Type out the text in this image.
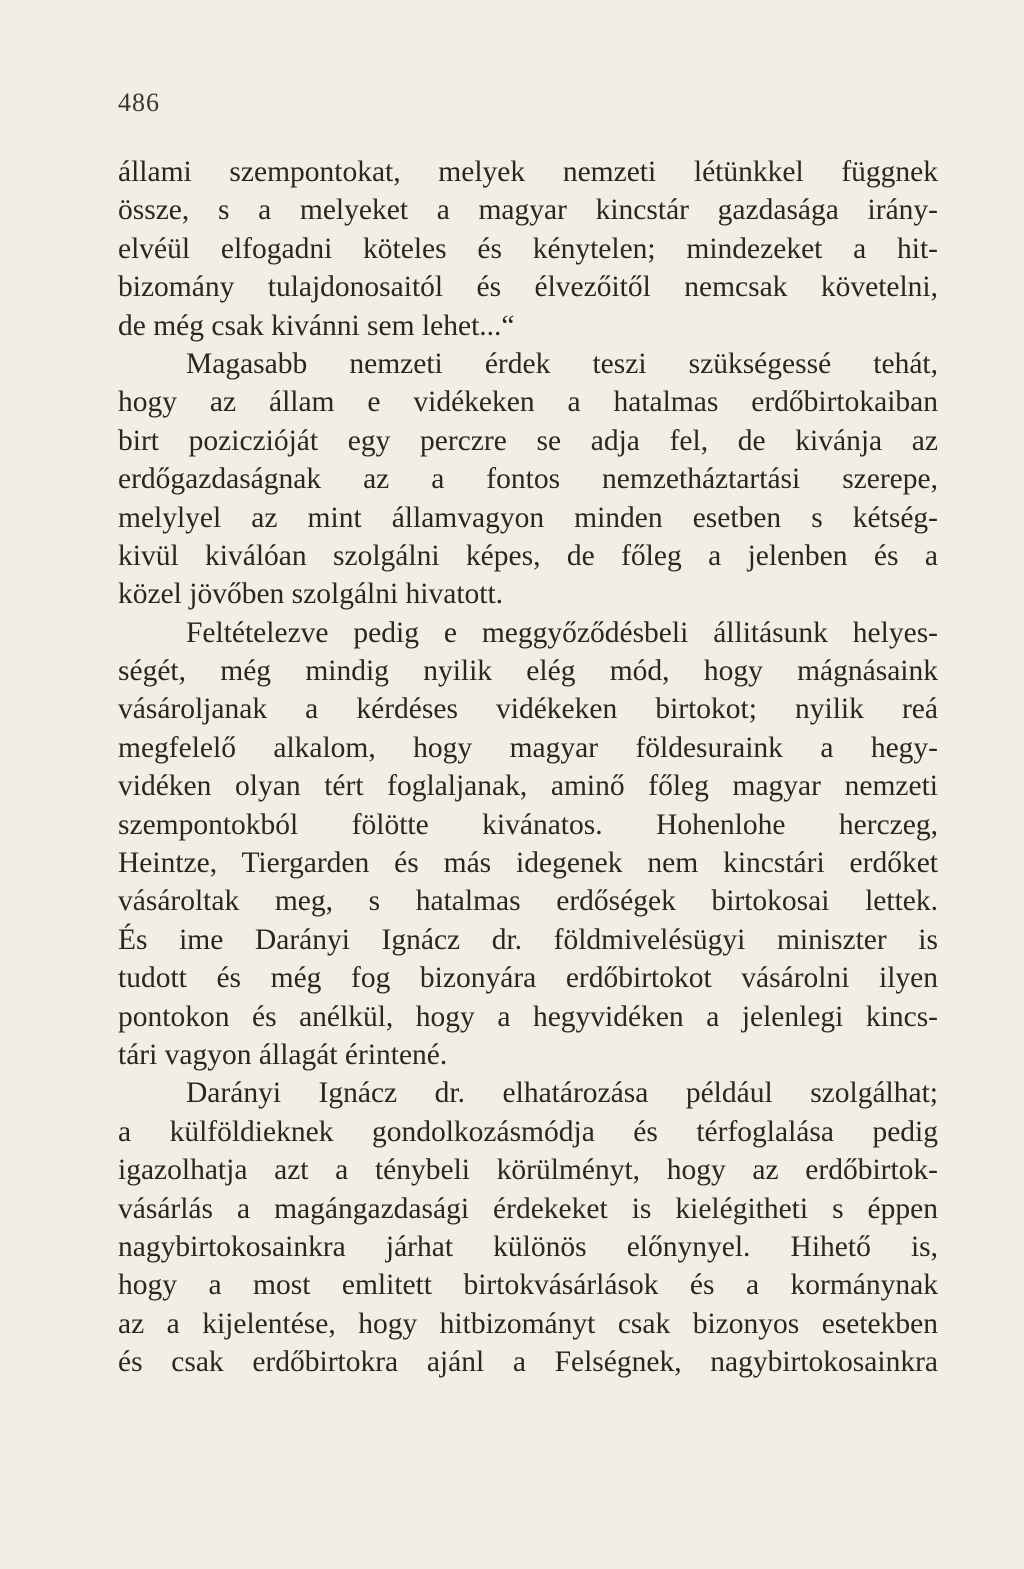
486
állami szempontokat, melyek nemzeti létünkkel függnek
össze, s a melyeket a magyar kincstár gazdasága irány-
elvéül elfogadni köteles és kénytelen; mindezeket a hit-
bizomány tulajdonosaitól és élvezőitől nemcsak követelni,
de még csak kivánni sem lehet...“
Magasabb nemzeti érdek teszi szükségessé tehát,
hogy az állam e vidékeken a hatalmas erdőbirtokaiban
birt poziczióját egy perczre se adja fel, de kivánja az
erdőgazdaságnak az a fontos nemzetháztartási szerepe,
melylyel az mint államvagyon minden esetben s kétség-
kivül kiválóan szolgálni képes, de főleg a jelenben és a
közel jövőben szolgálni hivatott.
Feltételezve pedig e meggyőződésbeli állitásunk helyes-
ségét, még mindig nyilik elég mód, hogy mágnásaink
vásároljanak a kérdéses vidékeken birtokot; nyilik reá
megfelelő alkalom, hogy magyar földesuraink a hegy-
vidéken olyan tért foglaljanak, aminő főleg magyar nemzeti
szempontokból fölötte kivánatos. Hohenlohe herczeg,
Heintze, Tiergarden és más idegenek nem kincstári erdőket
vásároltak meg, s hatalmas erdőségek birtokosai lettek.
És ime Darányi Ignácz dr. földmivelésügyi miniszter is
tudott és még fog bizonyára erdőbirtokot vásárolni ilyen
pontokon és anélkül, hogy a hegyvidéken a jelenlegi kincs-
tári vagyon állagát érintené.
Darányi Ignácz dr. elhatározása például szolgálhat;
a külföldieknek gondolkozásmódja és térfoglalása pedig
igazolhatja azt a ténybeli körülményt, hogy az erdőbirtok-
vásárlás a magángazdasági érdekeket is kielégitheti s éppen
nagybirtokosainkra járhat különös előnynyel. Hihető is,
hogy a most emlitett birtokvásárlások és a kormánynak
az a kijelentése, hogy hitbizományt csak bizonyos esetekben
és csak erdőbirtokra ajánl a Felségnek, nagybirtokosainkra
